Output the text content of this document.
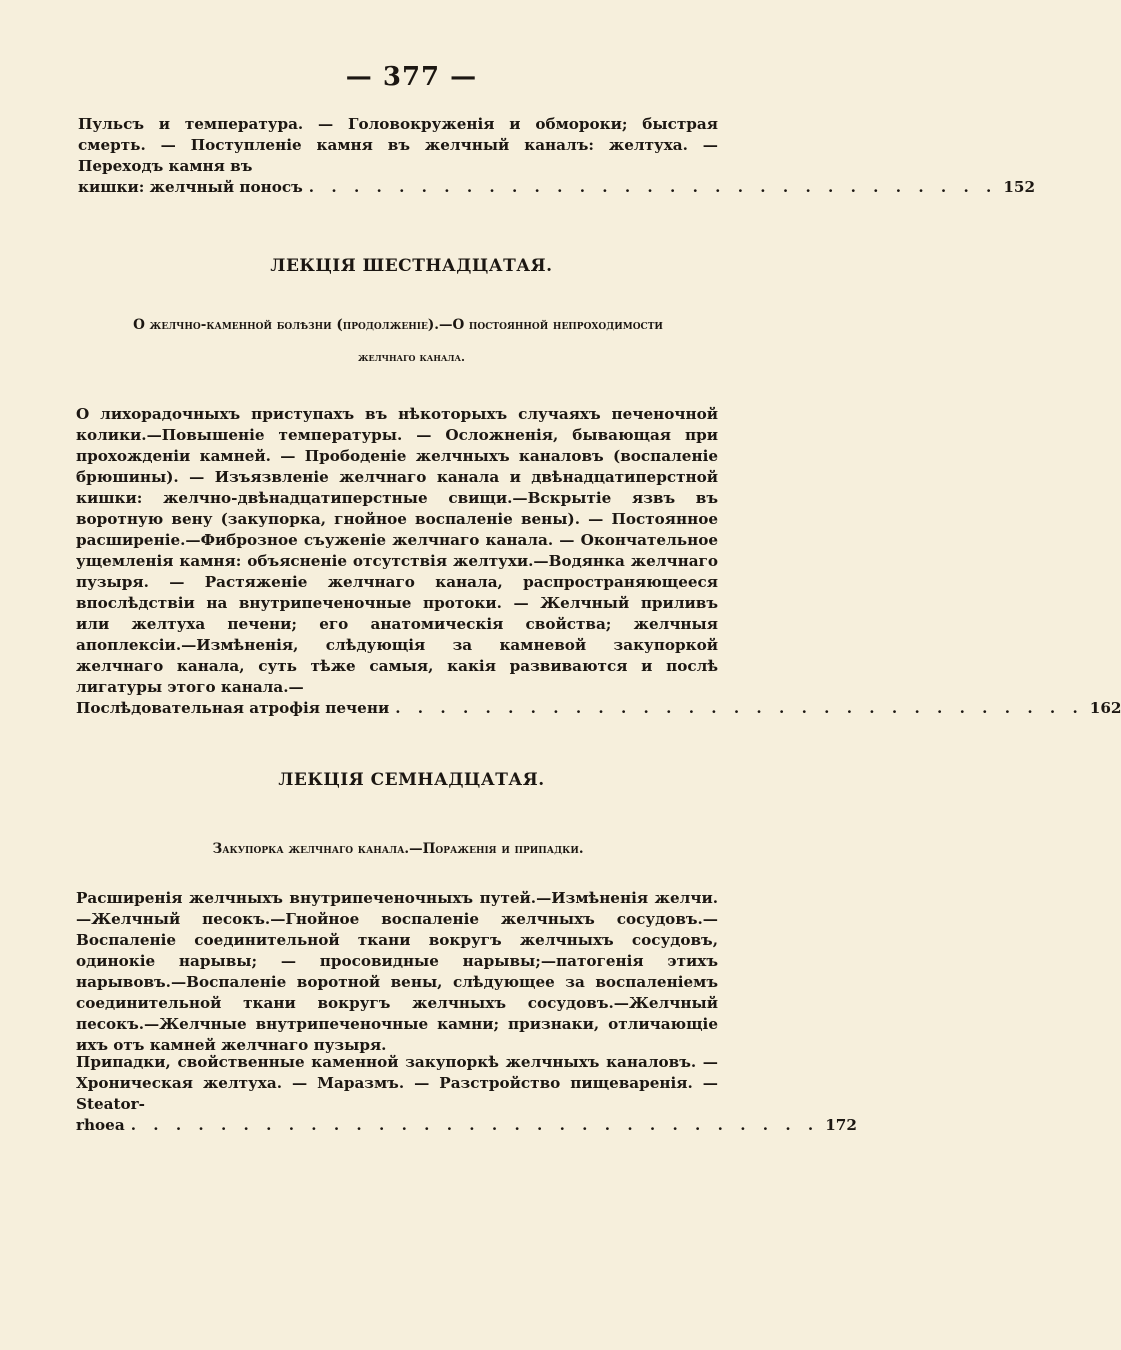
— 377 —
Пульсъ и температура. — Головокруженія и обмороки; быстрая смерть. — Поступленіе камня въ желчный каналъ: желтуха. — Переходъ камня въ
кишки: желчный поносъ . . . . . . . . . . . . . . . . . . . . . . . . . . . . . . . 152
ЛЕКЦІЯ ШЕСТНАДЦАТАЯ.
О желчно-каменной болѣзни (продолженіе).—О постоянной непроходимости
желчнаго канала.
О лихорадочныхъ приступахъ въ нѣкоторыхъ случаяхъ печеночной колики.—Повышеніе температуры. — Осложненія, бывающая при прохожденіи камней. — Прободеніе желчныхъ каналовъ (воспаленіе брюшины). — Изъязвленіе желчнаго канала и двѣнадцатиперстной кишки: желчно-двѣнадцатиперстные свищи.—Вскрытіе язвъ въ воротную вену (закупорка, гнойное воспаленіе вены). — Постоянное расширеніе.—Фиброзное съуженіе желчнаго канала. — Окончательное ущемленія камня: объясненіе отсутствія желтухи.—Водянка желчнаго пузыря. — Растяженіе желчнаго канала, распространяющееся впослѣдствіи на внутрипеченочные протоки. — Желчный приливъ или желтуха печени; его анатомическія свойства; желчныя апоплексіи.—Измѣненія, слѣдующія за камневой закупоркой желчнаго канала, суть тѣже самыя, какія развиваются и послѣ лигатуры этого канала.—
Послѣдовательная атрофія печени . . . . . . . . . . . . . . . . . . . . . . . . . . . . . . . 162
ЛЕКЦІЯ СЕМНАДЦАТАЯ.
Закупорка желчнаго канала.—Пораженія и припадки.
Расширенія желчныхъ внутрипеченочныхъ путей.—Измѣненія желчи.—Желчный песокъ.—Гнойное воспаленіе желчныхъ сосудовъ.—Воспаленіе соединительной ткани вокругъ желчныхъ сосудовъ, одинокіе нарывы; — просовидные нарывы;—патогенія этихъ нарывовъ.—Воспаленіе воротной вены, слѣдующее за воспаленіемъ соединительной ткани вокругъ желчныхъ сосудовъ.—Желчный песокъ.—Желчные внутрипеченочные камни; признаки, отличающіе ихъ отъ камней желчнаго пузыря.
Припадки, свойственные каменной закупоркѣ желчныхъ каналовъ. — Хроническая желтуха. — Маразмъ. — Разстройство пищеваренія. — Steator-
rhoea . . . . . . . . . . . . . . . . . . . . . . . . . . . . . . . 172
